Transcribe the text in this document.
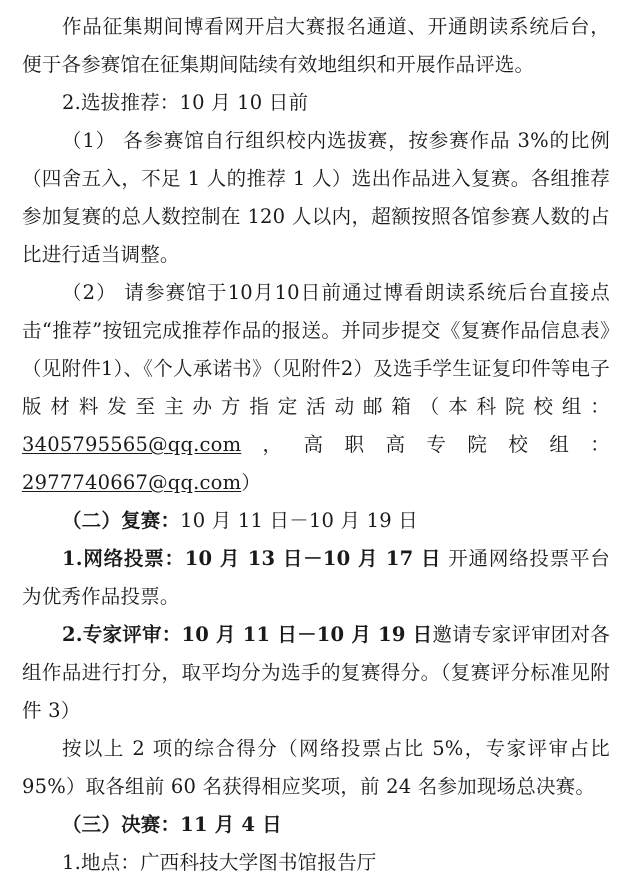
作品征集期间博看网开启大赛报名通道、开通朗读系统后台，便于各参赛馆在征集期间陆续有效地组织和开展作品评选。

2.选拔推荐：10 月 10 日前

（1） 各参赛馆自行组织校内选拔赛，按参赛作品 3%的比例（四舍五入，不足 1 人的推荐 1 人）选出作品进入复赛。各组推荐参加复赛的总人数控制在 120 人以内，超额按照各馆参赛人数的占比进行适当调整。

（2） 请参赛馆于10月10日前通过博看朗读系统后台直接点击“推荐”按钮完成推荐作品的报送。并同步提交《复赛作品信息表》（见附件1）、《个人承诺书》（见附件2）及选手学生证复印件等电子版材料发至主办方指定活动邮箱（本科院校组：3405795565@qq.com，高职高专院校组：2977740667@qq.com）

（二）复赛：10 月 11 日－10 月 19 日

1.网络投票：10 月 13 日－10 月 17 日 开通网络投票平台为优秀作品投票。

2.专家评审：10 月 11 日－10 月 19 日邀请专家评审团对各组作品进行打分，取平均分为选手的复赛得分。（复赛评分标准见附件 3）

按以上 2 项的综合得分（网络投票占比 5%，专家评审占比 95%）取各组前 60 名获得相应奖项，前 24 名参加现场总决赛。

（三）决赛：11 月 4 日

1.地点：广西科技大学图书馆报告厅
